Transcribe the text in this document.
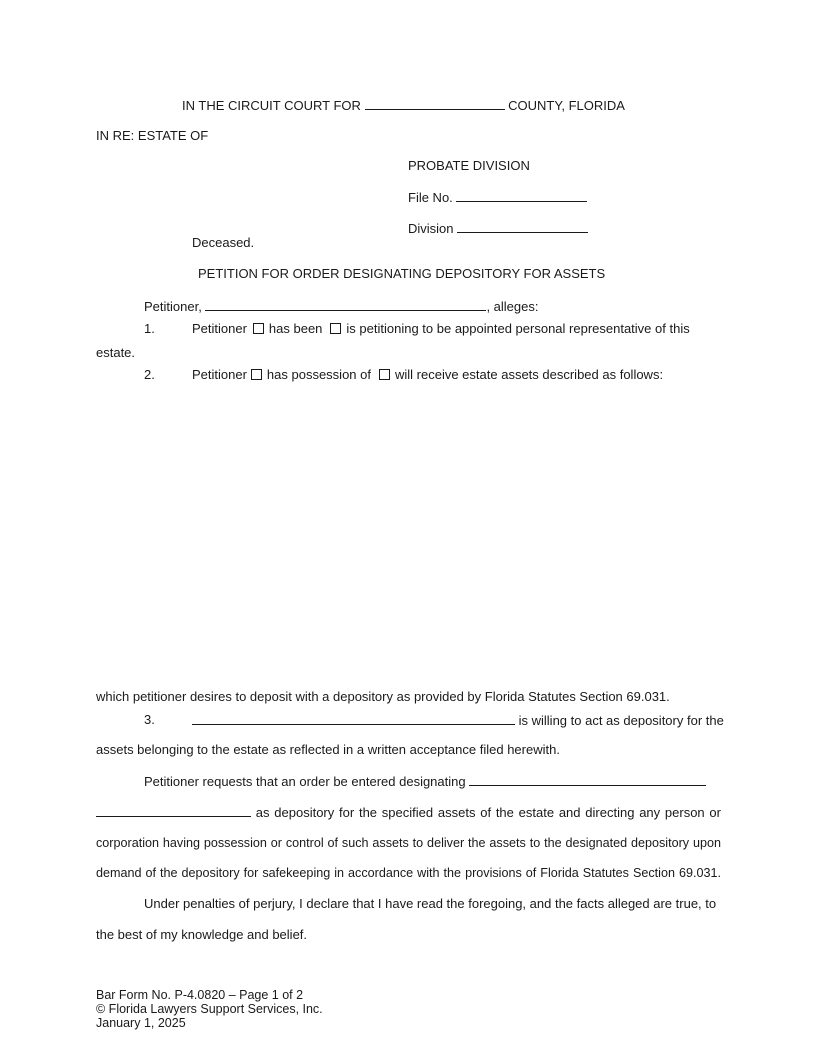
IN THE CIRCUIT COURT FOR	COUNTY, FLORIDA
IN RE: ESTATE OF
PROBATE DIVISION
File No.
Division
Deceased.
PETITION FOR ORDER DESIGNATING DEPOSITORY FOR ASSETS
Petitioner,	, alleges:
1.	Petitioner has been is petitioning to be appointed personal representative of this
estate.
2.	Petitioner has possession of will receive estate assets described as follows:
which petitioner desires to deposit with a depository as provided by Florida Statutes Section 69.031.
3.	is willing to act as depository for the
assets belonging to the estate as reflected in a written acceptance filed herewith.
Petitioner requests that an order be entered designating
as depository for the specified assets of the estate and directing any person or
corporation having possession or control of such assets to deliver the assets to the designated depository upon
demand of the depository for safekeeping in accordance with the provisions of Florida Statutes Section 69.031.
Under penalties of perjury, I declare that I have read the foregoing, and the facts alleged are true, to
the best of my knowledge and belief.
Bar Form No. P-4.0820 – Page 1 of 2
© Florida Lawyers Support Services, Inc.
January 1, 2025
